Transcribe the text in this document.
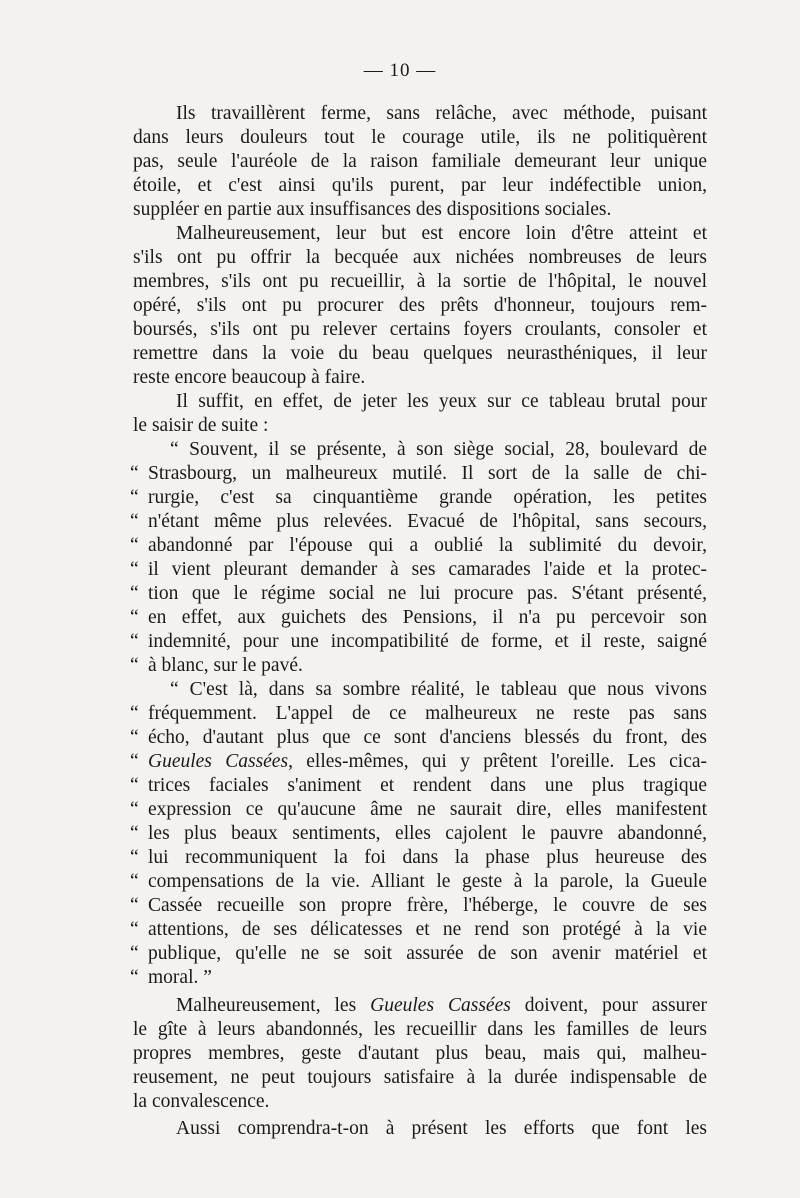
— 10 —
Ils travaillèrent ferme, sans relâche, avec méthode, puisant
dans leurs douleurs tout le courage utile, ils ne politiquèrent
pas, seule l'auréole de la raison familiale demeurant leur unique
étoile, et c'est ainsi qu'ils purent, par leur indéfectible union,
suppléer en partie aux insuffisances des dispositions sociales.
Malheureusement, leur but est encore loin d'être atteint et
s'ils ont pu offrir la becquée aux nichées nombreuses de leurs
membres, s'ils ont pu recueillir, à la sortie de l'hôpital, le nouvel
opéré, s'ils ont pu procurer des prêts d'honneur, toujours rem-
boursés, s'ils ont pu relever certains foyers croulants, consoler et
remettre dans la voie du beau quelques neurasthéniques, il leur
reste encore beaucoup à faire.
Il suffit, en effet, de jeter les yeux sur ce tableau brutal pour
le saisir de suite :
“ Souvent, il se présente, à son siège social, 28, boulevard de
“ Strasbourg, un malheureux mutilé. Il sort de la salle de chi-
“ rurgie, c'est sa cinquantième grande opération, les petites
“ n'étant même plus relevées. Evacué de l'hôpital, sans secours,
“ abandonné par l'épouse qui a oublié la sublimité du devoir,
“ il vient pleurant demander à ses camarades l'aide et la protec-
“ tion que le régime social ne lui procure pas. S'étant présenté,
“ en effet, aux guichets des Pensions, il n'a pu percevoir son
“ indemnité, pour une incompatibilité de forme, et il reste, saigné
“ à blanc, sur le pavé.
“ C'est là, dans sa sombre réalité, le tableau que nous vivons
“ fréquemment. L'appel de ce malheureux ne reste pas sans
“ écho, d'autant plus que ce sont d'anciens blessés du front, des
“ Gueules Cassées, elles-mêmes, qui y prêtent l'oreille. Les cica-
“ trices faciales s'animent et rendent dans une plus tragique
“ expression ce qu'aucune âme ne saurait dire, elles manifestent
“ les plus beaux sentiments, elles cajolent le pauvre abandonné,
“ lui recommuniquent la foi dans la phase plus heureuse des
“ compensations de la vie. Alliant le geste à la parole, la Gueule
“ Cassée recueille son propre frère, l'héberge, le couvre de ses
“ attentions, de ses délicatesses et ne rend son protégé à la vie
“ publique, qu'elle ne se soit assurée de son avenir matériel et
“ moral. ”
Malheureusement, les Gueules Cassées doivent, pour assurer
le gîte à leurs abandonnés, les recueillir dans les familles de leurs
propres membres, geste d'autant plus beau, mais qui, malheu-
reusement, ne peut toujours satisfaire à la durée indispensable de
la convalescence.
Aussi comprendra-t-on à présent les efforts que font les
